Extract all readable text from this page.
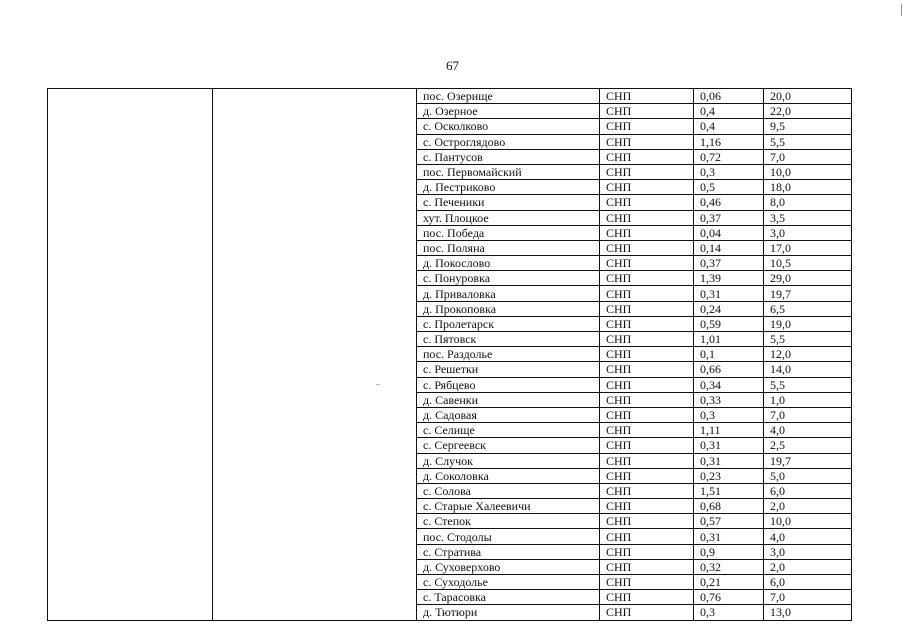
67
		пос. Озерище	СНП	0,06	20,0
		д. Озерное	СНП	0,4	22,0
		с. Осколково	СНП	0,4	9,5
		с. Остроглядово	СНП	1,16	5,5
		с. Пантусов	СНП	0,72	7,0
		пос. Первомайский	СНП	0,3	10,0
		д. Пестриково	СНП	0,5	18,0
		с. Печеники	СНП	0,46	8,0
		хут. Плоцкое	СНП	0,37	3,5
		пос. Победа	СНП	0,04	3,0
		пос. Поляна	СНП	0,14	17,0
		д. Покослово	СНП	0,37	10,5
		с. Понуровка	СНП	1,39	29,0
		д. Приваловка	СНП	0,31	19,7
		д. Прокоповка	СНП	0,24	6,5
		с. Пролетарск	СНП	0,59	19,0
		с. Пятовск	СНП	1,01	5,5
		пос. Раздолье	СНП	0,1	12,0
		с. Решетки	СНП	0,66	14,0
		с. Рябцево	СНП	0,34	5,5
		д. Савенки	СНП	0,33	1,0
		д. Садовая	СНП	0,3	7,0
		с. Селище	СНП	1,11	4,0
		с. Сергеевск	СНП	0,31	2,5
		д. Случок	СНП	0,31	19,7
		д. Соколовка	СНП	0,23	5,0
		с. Солова	СНП	1,51	6,0
		с. Старые Халеевичи	СНП	0,68	2,0
		с. Степок	СНП	0,57	10,0
		пос. Стодолы	СНП	0,31	4,0
		с. Стратива	СНП	0,9	3,0
		д. Суховерхово	СНП	0,32	2,0
		с. Суходолье	СНП	0,21	6,0
		с. Тарасовка	СНП	0,76	7,0
		д. Тютюри	СНП	0,3	13,0
